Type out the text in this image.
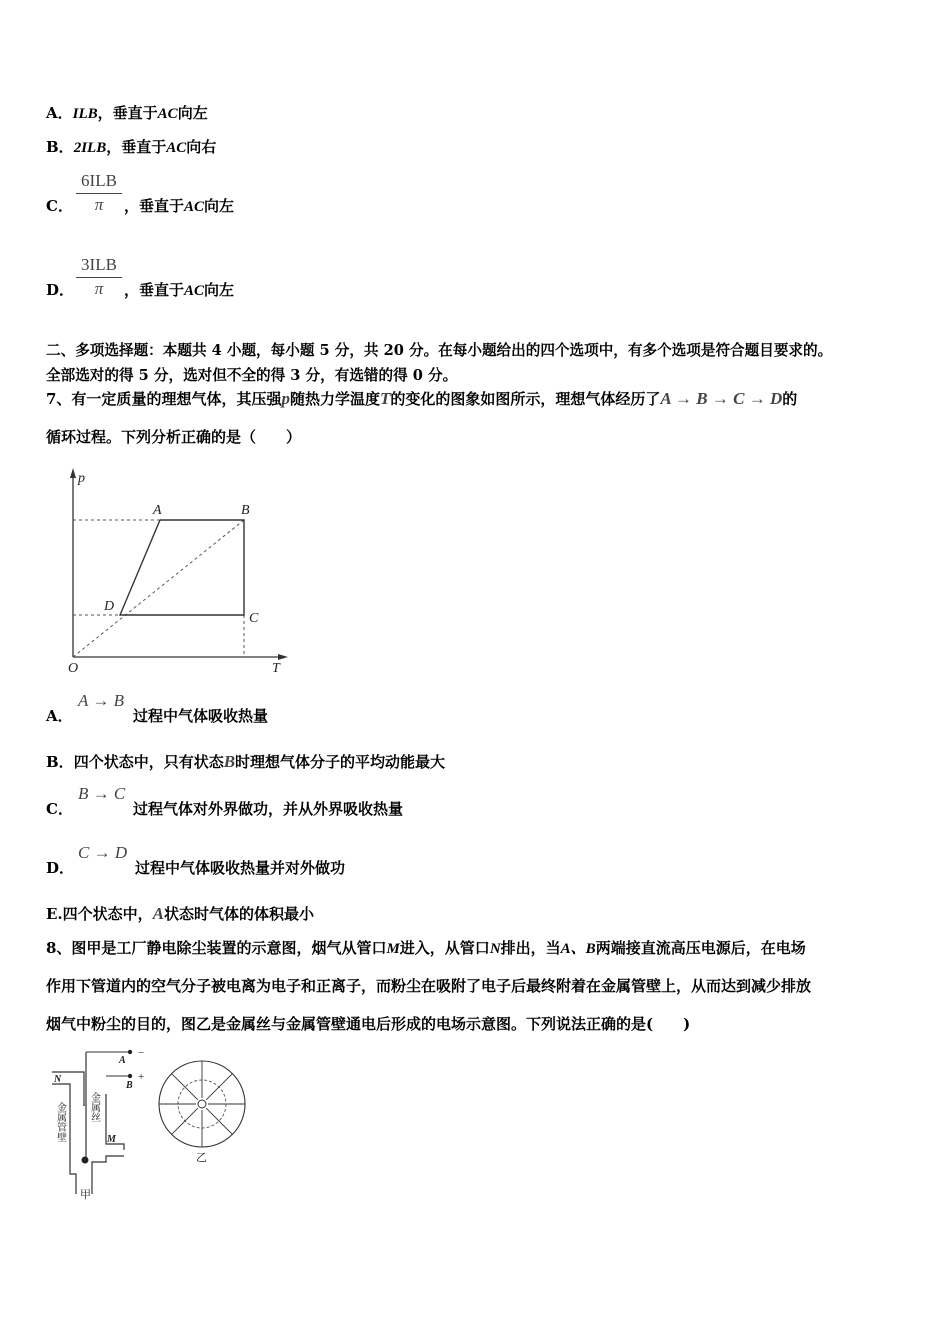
A．ILB，垂直于AC向左
B．2ILB，垂直于AC向右
C．
6ILB
π	，垂直于AC向左
D．
3ILB
π	，垂直于AC向左
二、多项选择题：本题共 4 小题，每小题 5 分，共 20 分。在每小题给出的四个选项中，有多个选项是符合题目要求的。
全部选对的得 5 分，选对但不全的得 3 分，有选错的得 0 分。
7、有一定质量的理想气体，其压强p随热力学温度T的变化的图象如图所示，理想气体经历了A → B → C → D的
循环过程。下列分析正确的是（　　）
p
T
O
A	B
C
D
A．
A → B
过程中气体吸收热量
B．四个状态中，只有状态B时理想气体分子的平均动能最大
C．
B → C
过程气体对外界做功，并从外界吸收热量
D．
C → D
过程中气体吸收热量并对外做功
E.四个状态中，A状态时气体的体积最小
8、图甲是工厂静电除尘装置的示意图，烟气从管口M进入，从管口N排出，当A、B两端接直流高压电源后，在电场
作用下管道内的空气分子被电离为电子和正离子，而粉尘在吸附了电子后最终附着在金属管壁上，从而达到减少排放
烟气中粉尘的目的，图乙是金属丝与金属管壁通电后形成的电场示意图。下列说法正确的是(　　)
N
A
B
M
−
+
金属管壁 金属丝
甲
乙
